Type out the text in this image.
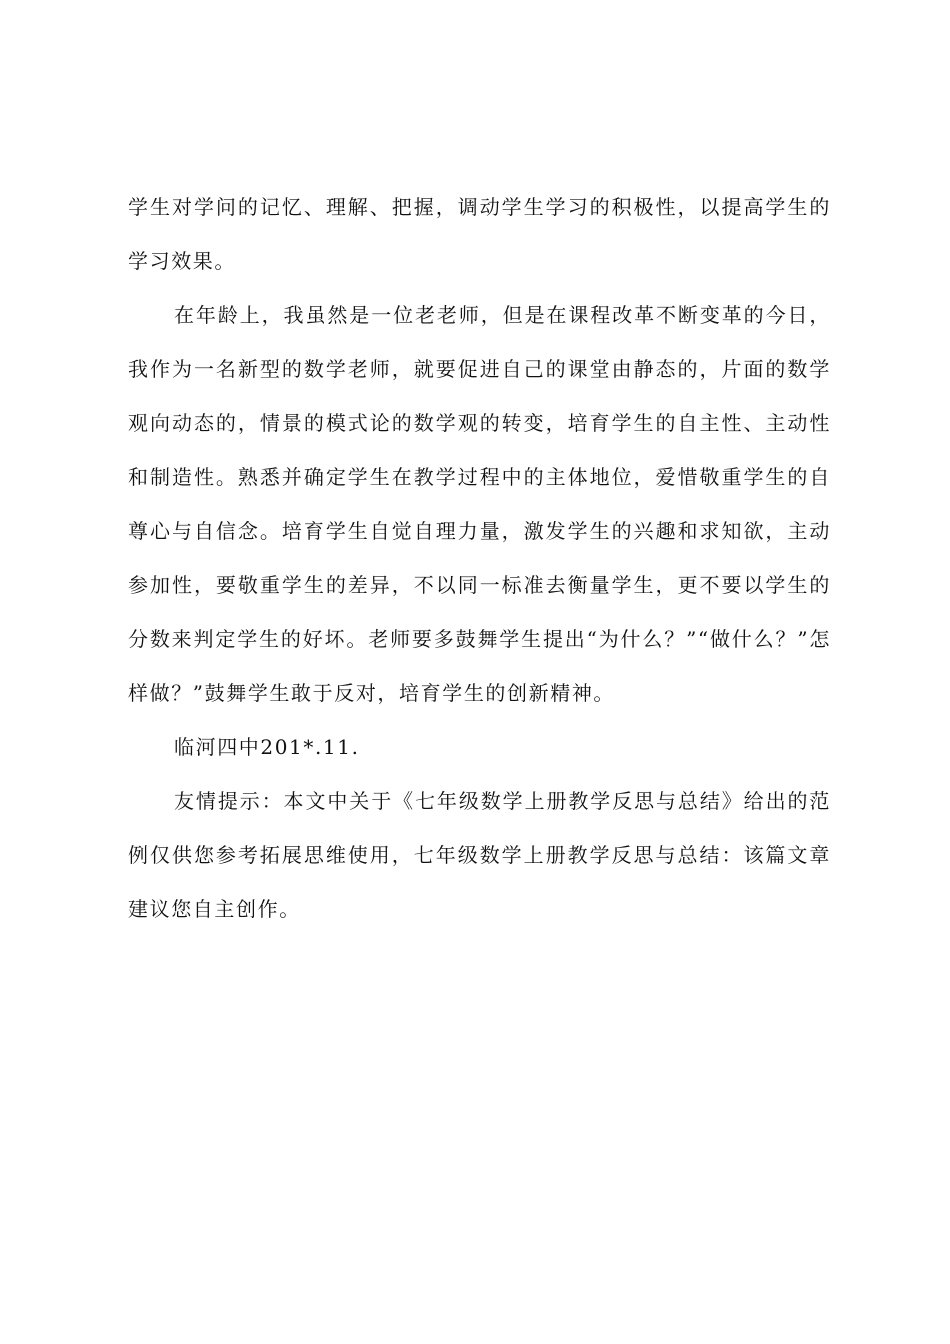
学生对学问的记忆、理解、把握，调动学生学习的积极性，以提高学生的学习效果。

在年龄上，我虽然是一位老老师，但是在课程改革不断变革的今日，我作为一名新型的数学老师，就要促进自己的课堂由静态的，片面的数学观向动态的，情景的模式论的数学观的转变，培育学生的自主性、主动性和制造性。熟悉并确定学生在教学过程中的主体地位，爱惜敬重学生的自尊心与自信念。培育学生自觉自理力量，激发学生的兴趣和求知欲，主动参加性，要敬重学生的差异，不以同一标准去衡量学生，更不要以学生的分数来判定学生的好坏。老师要多鼓舞学生提出“为什么？”“做什么？”怎样做？”鼓舞学生敢于反对，培育学生的创新精神。

临河四中201*.11.

友情提示：本文中关于《七年级数学上册教学反思与总结》给出的范例仅供您参考拓展思维使用，七年级数学上册教学反思与总结：该篇文章建议您自主创作。
